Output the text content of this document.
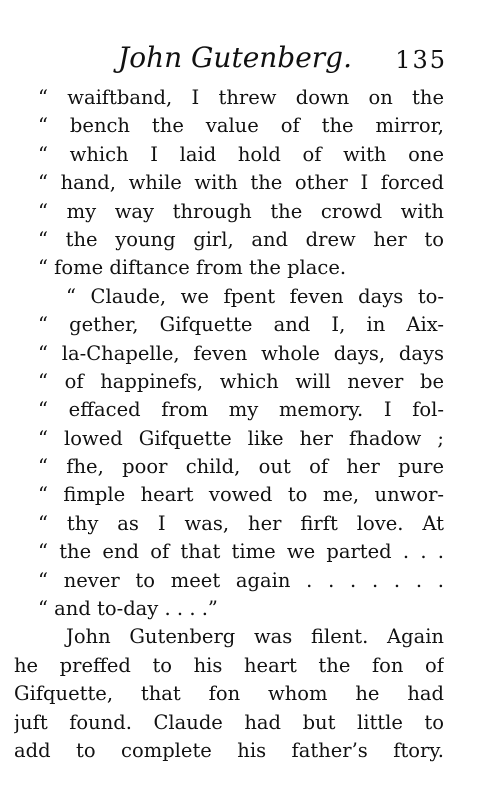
John Gutenberg. 135
“ waiftband, I threw down on the
“ bench the value of the mirror,
“ which I laid hold of with one
“ hand, while with the other I forced
“ my way through the crowd with
“ the young girl, and drew her to
“ fome diftance from the place.
“ Claude, we fpent feven days to-
“ gether, Gifquette and I, in Aix-
“ la-Chapelle, feven whole days, days
“ of happinefs, which will never be
“ effaced from my memory. I fol-
“ lowed Gifquette like her fhadow ;
“ fhe, poor child, out of her pure
“ fimple heart vowed to me, unwor-
“ thy as I was, her firft love. At
“ the end of that time we parted . . .
“ never to meet again . . . . . . .
“ and to-day . . . .”
John Gutenberg was filent. Again
he preffed to his heart the fon of
Gifquette, that fon whom he had
juft found. Claude had but little to
add to complete his father’s ftory.
